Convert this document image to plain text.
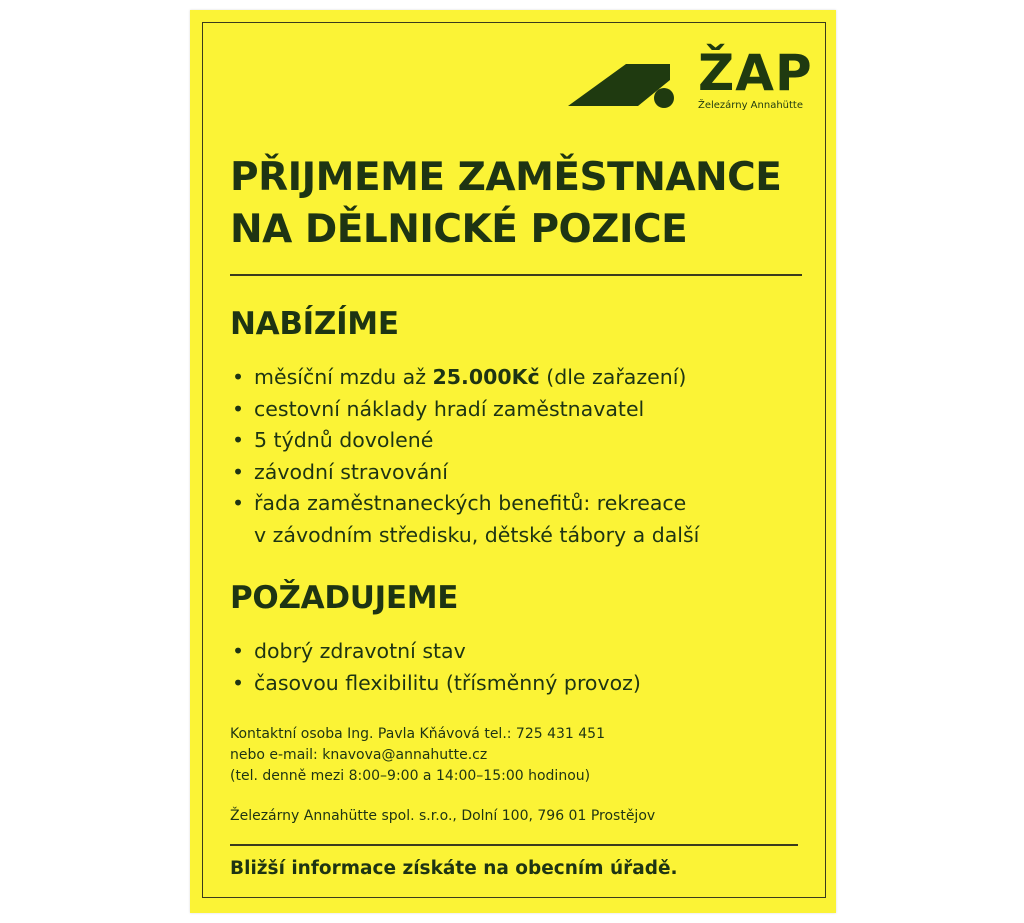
ŽAP
Železárny Annahütte
PŘIJMEME ZAMĚSTNANCE
NA DĚLNICKÉ POZICE
NABÍZÍME
• měsíční mzdu až 25.000Kč (dle zařazení)
• cestovní náklady hradí zaměstnavatel
• 5 týdnů dovolené
• závodní stravování
• řada zaměstnaneckých benefitů: rekreace
v závodním středisku, dětské tábory a další
POŽADUJEME
• dobrý zdravotní stav
• časovou flexibilitu (třísměnný provoz)
Kontaktní osoba Ing. Pavla Kňávová tel.: 725 431 451
nebo e-mail: knavova@annahutte.cz
(tel. denně mezi 8:00–9:00 a 14:00–15:00 hodinou)
Železárny Annahütte spol. s.r.o., Dolní 100, 796 01 Prostějov
Bližší informace získáte na obecním úřadě.
